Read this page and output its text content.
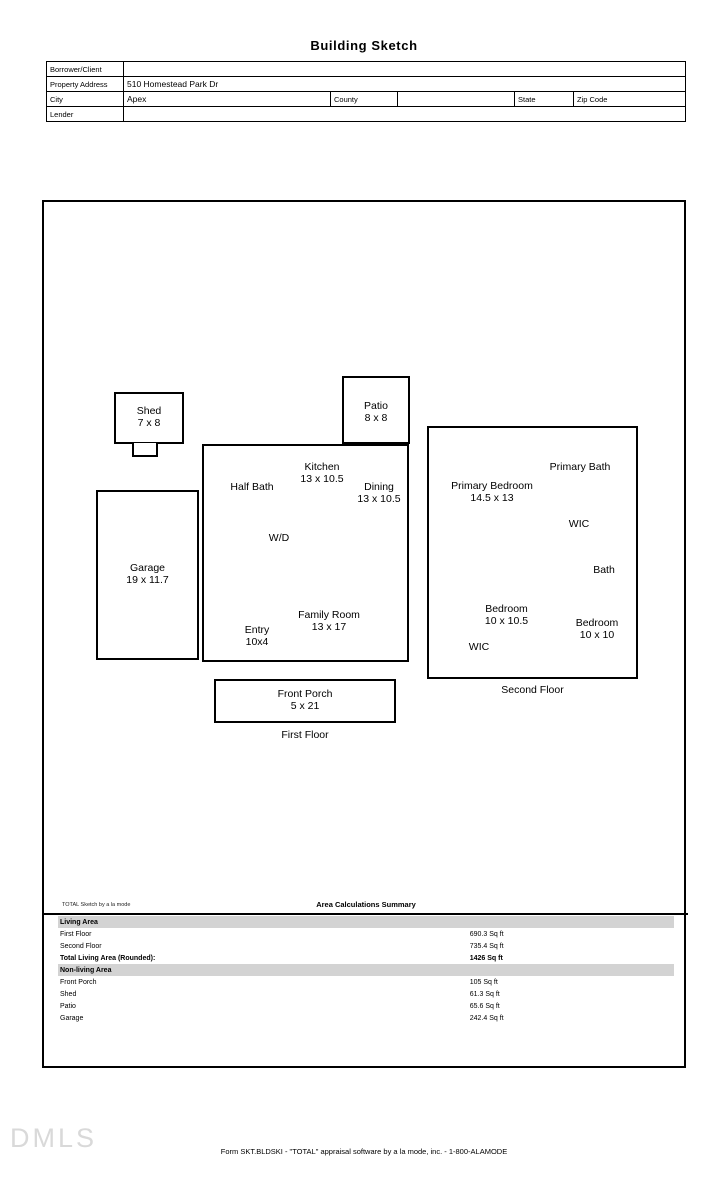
Building Sketch
Borrower/Client					
Property Address	510 Homestead Park Dr				
City	Apex	County		State	Zip Code
Lender					
Shed
7 x 8
Patio
8 x 8
Garage
19 x 11.7
Kitchen
13 x 10.5
Half Bath	Dining
13 x 10.5
W/D
Family Room
13 x 17
Entry
10x4
Front Porch
5 x 21
First Floor
Primary Bath
Primary Bedroom
14.5 x 13
WIC
Bath
Bedroom
10 x 10.5	Bedroom
10 x 10
WIC
Second Floor
TOTAL Sketch by a la mode	Area Calculations Summary
Living Area	
First Floor	690.3 Sq ft
Second Floor	735.4 Sq ft
Total Living Area (Rounded):	1426 Sq ft
Non-living Area	
Front Porch	105 Sq ft
Shed	61.3 Sq ft
Patio	65.6 Sq ft
Garage	242.4 Sq ft
DMLS	Form SKT.BLDSKI - "TOTAL" appraisal software by a la mode, inc. - 1-800-ALAMODE
